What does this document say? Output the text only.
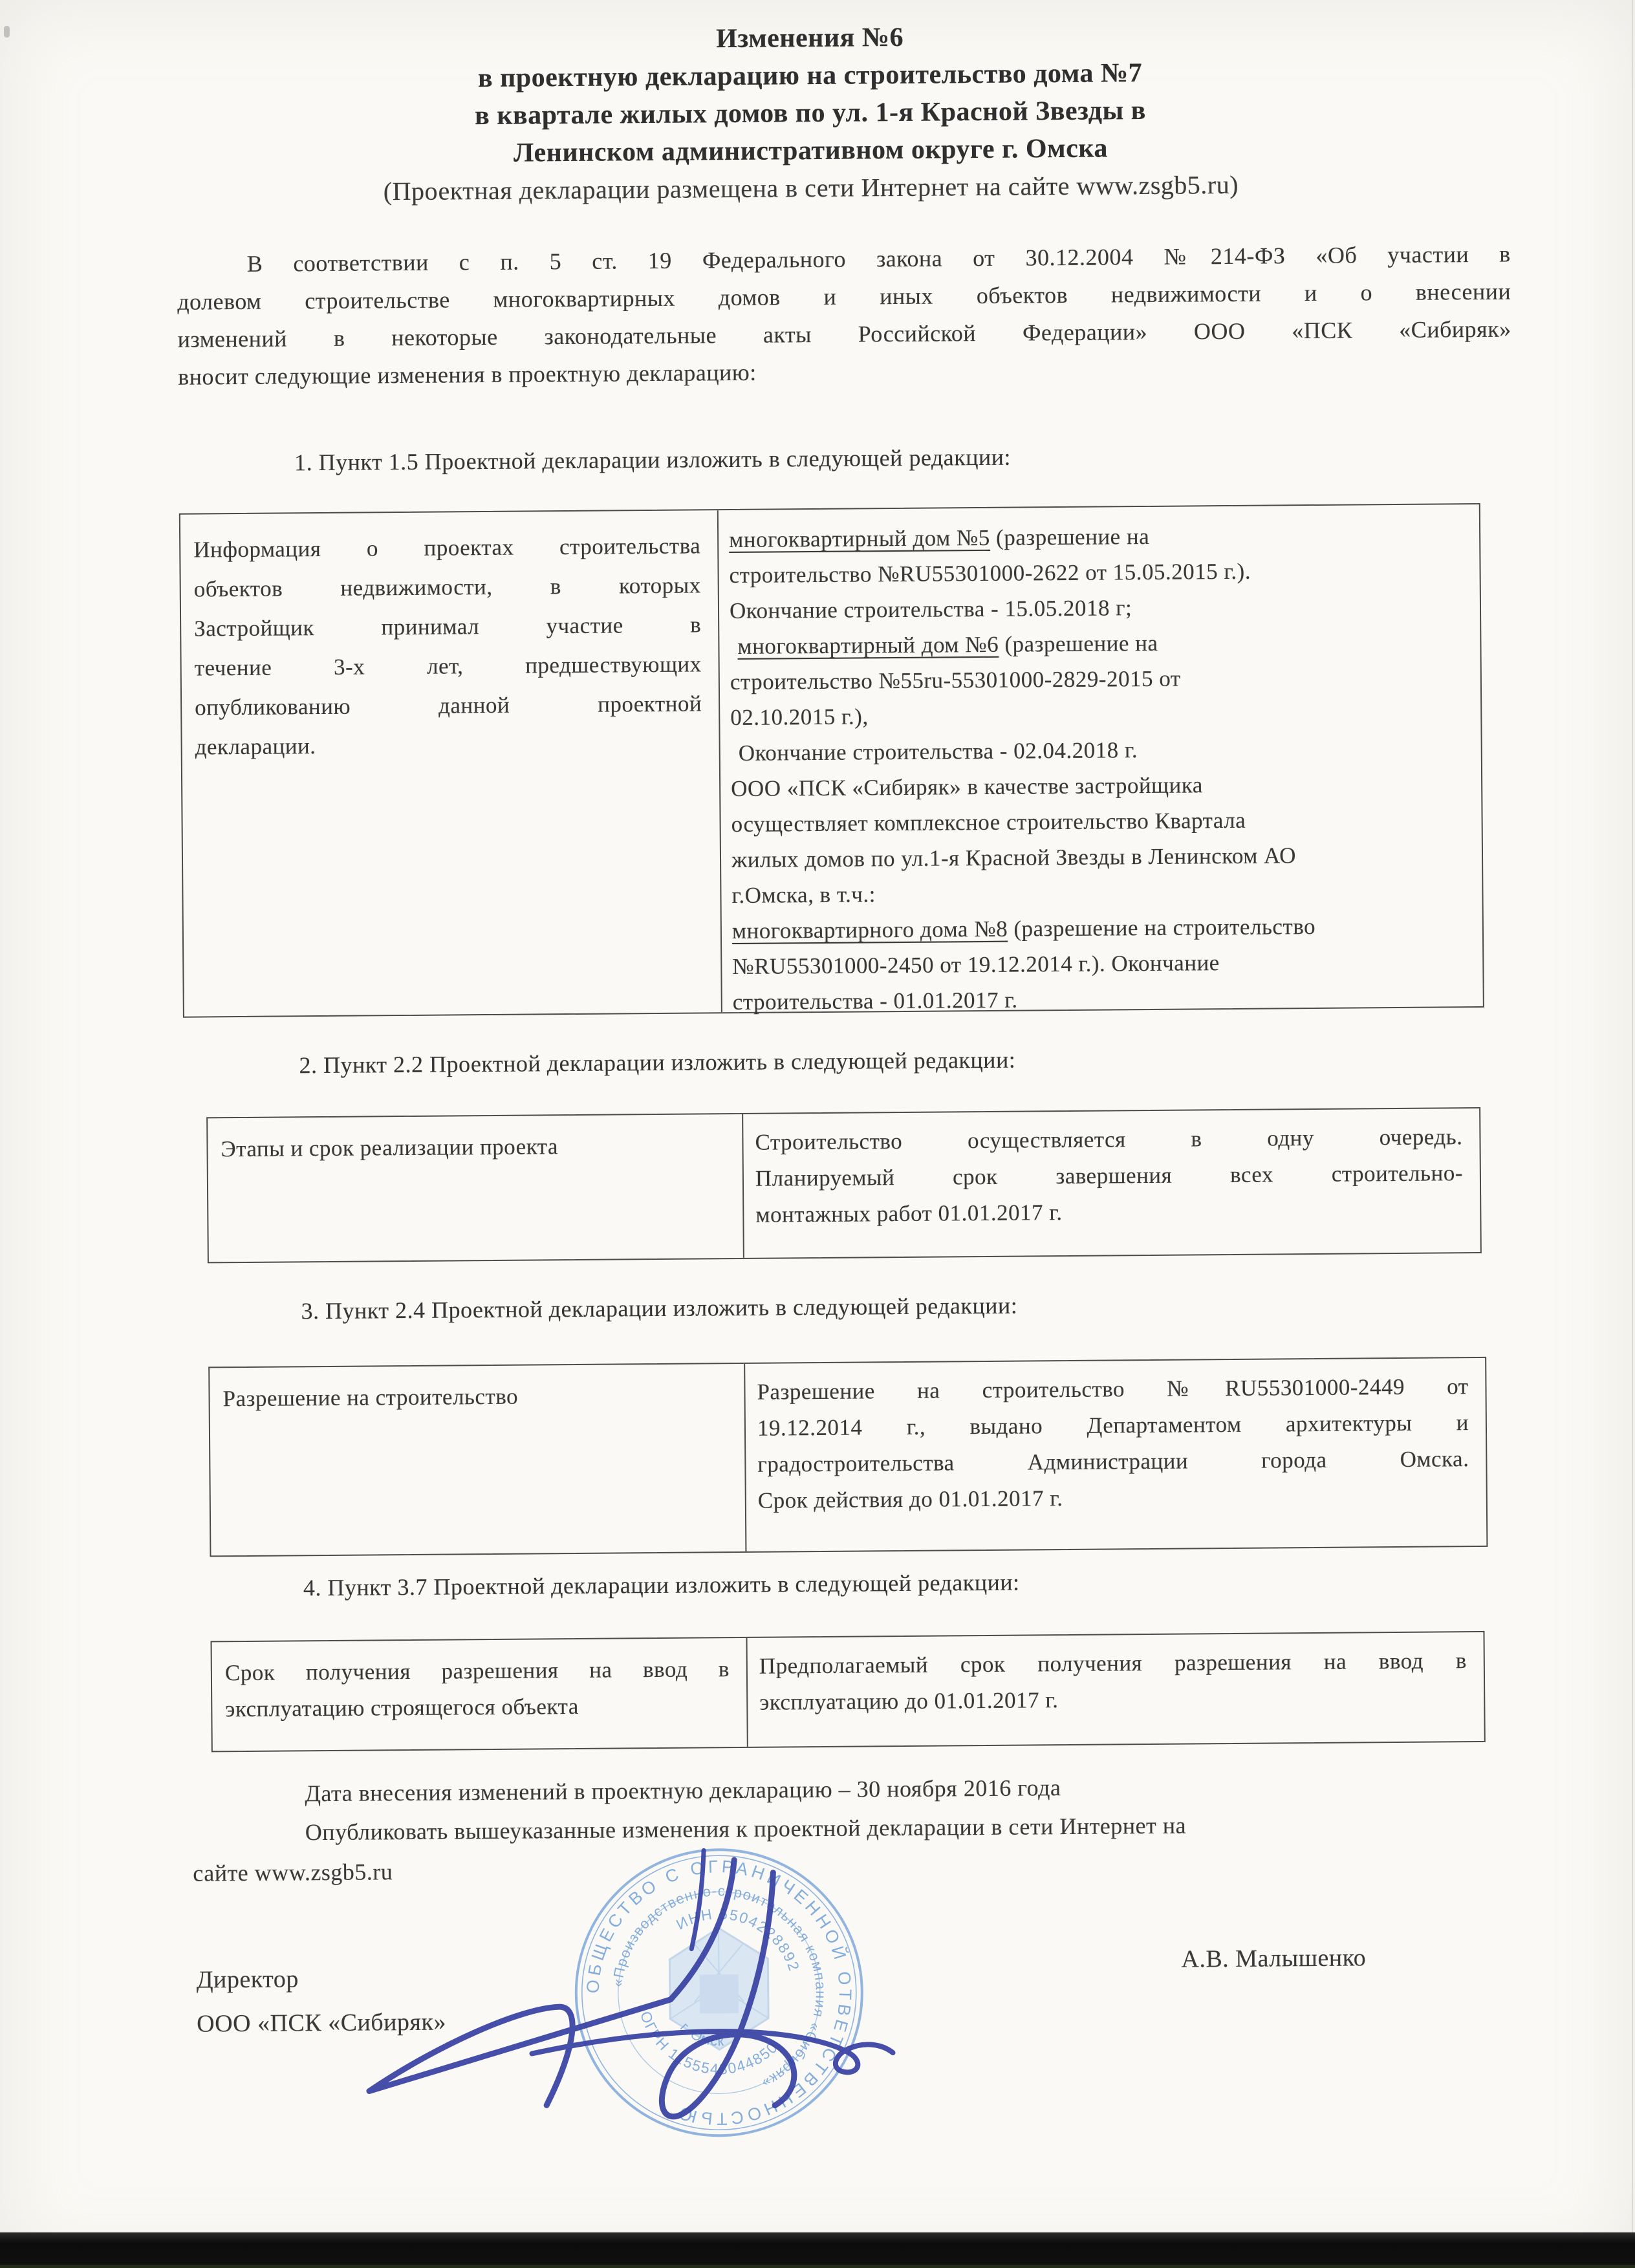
Изменения №6
в проектную декларацию на строительство дома №7
в квартале жилых домов по ул. 1-я Красной Звезды в
Ленинском административном округе г. Омска
(Проектная декларации размещена в сети Интернет на сайте www.zsgb5.ru)
В соответствии с п. 5 ст. 19 Федерального закона от 30.12.2004 №214-ФЗ «Об участии в
долевом строительстве многоквартирных домов и иных объектов недвижимости и о внесении
изменений в некоторые законодательные акты Российской Федерации» ООО «ПСК «Сибиряк»
вносит следующие изменения в проектную декларацию:
1. Пункт 1.5 Проектной декларации изложить в следующей редакции:
Информация о проектах строительства
объектов недвижимости, в которых
Застройщик принимал участие в
течение 3-х лет, предшествующих
опубликованию данной проектной
декларации.
многоквартирный дом №5 (разрешение на
строительство №RU55301000-2622 от 15.05.2015 г.).
Окончание строительства - 15.05.2018 г;
многоквартирный дом №6 (разрешение на
строительство №55ru-55301000-2829-2015 от
02.10.2015 г.),
Окончание строительства - 02.04.2018 г.
ООО «ПСК «Сибиряк» в качестве застройщика
осуществляет комплексное строительство Квартала
жилых домов по ул.1-я Красной Звезды в Ленинском АО
г.Омска, в т.ч.:
многоквартирного дома №8 (разрешение на строительство
№RU55301000-2450 от 19.12.2014 г.). Окончание
строительства - 01.01.2017 г.
2. Пункт 2.2 Проектной декларации изложить в следующей редакции:
Этапы и срок реализации проекта	Строительство осуществляется в одну очередь.
Планируемый срок завершения всех строительно-
монтажных работ 01.01.2017 г.
3. Пункт 2.4 Проектной декларации изложить в следующей редакции:
Разрешение на строительство	Разрешение на строительство №RU55301000-2449 от
19.12.2014 г., выдано Департаментом архитектуры и
градостроительства Администрации города Омска.
Срок действия до 01.01.2017 г.
4. Пункт 3.7 Проектной декларации изложить в следующей редакции:
Срок получения разрешения на ввод в
эксплуатацию строящегося объекта
Предполагаемый срок получения разрешения на ввод в
эксплуатацию до 01.01.2017 г.
Дата внесения изменений в проектную декларацию – 30 ноября 2016 года
Опубликовать вышеуказанные изменения к проектной декларации в сети Интернет на
сайте www.zsgb5.ru
Директор
ООО «ПСК «Сибиряк»
А.В. Малышенко
ОБЩЕСТВО С ОГРАНИЧЕННОЙ ОТВЕТСТВЕННОСТЬЮ
«Производственно-строительная компания «Сибиряк»
ИНН 5504228892
ОГРН 1155543044850
г. Омск
